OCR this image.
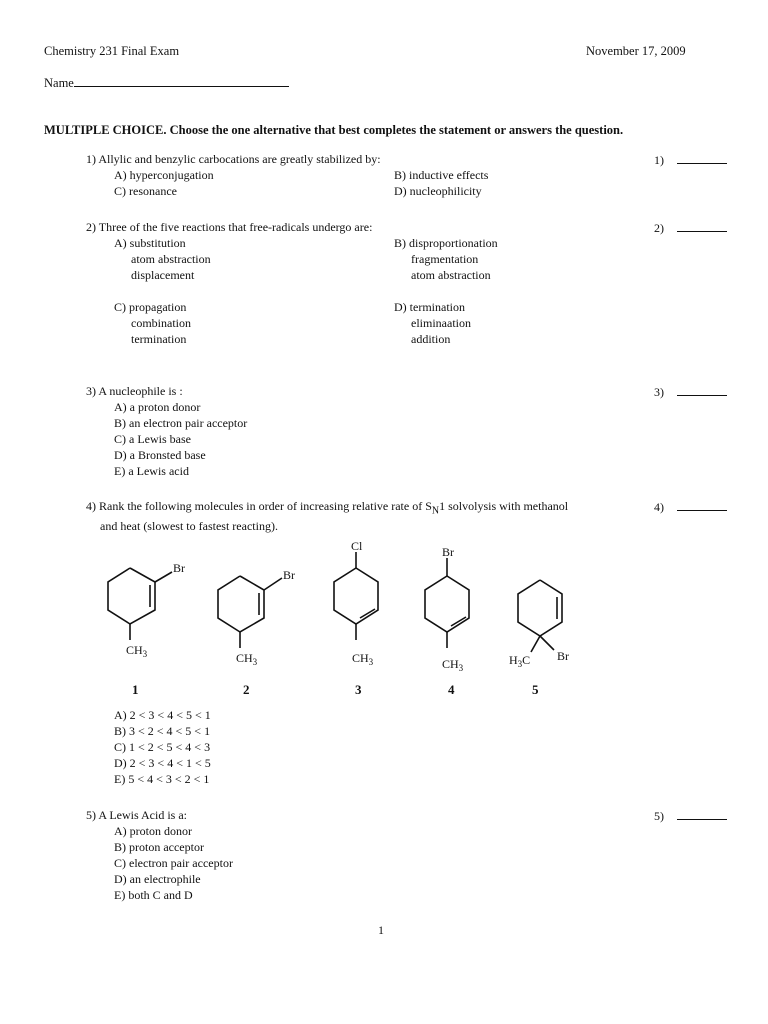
Chemistry 231 Final Exam	November 17, 2009
Name
MULTIPLE CHOICE. Choose the one alternative that best completes the statement or answers the question.
1) Allylic and benzylic carbocations are greatly stabilized by:	1)
A) hyperconjugation	B) inductive effects
C) resonance	D) nucleophilicity
2) Three of the five reactions that free-radicals undergo are:	2)
A) substitution
atom abstraction
displacement
B) disproportionation
fragmentation
atom abstraction
C) propagation
combination
termination
D) termination
eliminaation
addition
3) A nucleophile is :	3)
A) a proton donor
B) an electron pair acceptor
C) a Lewis base
D) a Bronsted base
E) a Lewis acid
4) Rank the following molecules in order of increasing relative rate of $S_N1$ solvolysis with methanol
and heat (slowest to fastest reacting).
4)
Br
$CH_3$
Br
$CH_3$
Cl
$CH_3$
Br
$CH_3$
$H_3C$ Br
1	2	3	4	5
A) 2 < 3 < 4 < 5 < 1
B) 3 < 2 < 4 < 5 < 1
C) 1 < 2 < 5 < 4 < 3
D) 2 < 3 < 4 < 1 < 5
E) 5 < 4 < 3 < 2 < 1
5) A Lewis Acid is a:	5)
A) proton donor
B) proton acceptor
C) electron pair acceptor
D) an electrophile
E) both C and D
1
